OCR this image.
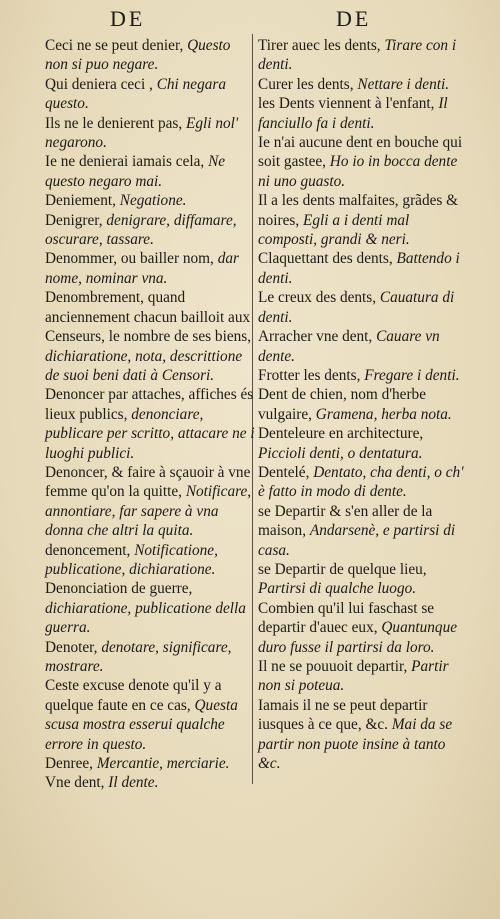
DE	DE

Ceci ne se peut denier, Questo non si puo negare.

Qui deniera ceci , Chi negara questo.

Ils ne le denierent pas, Egli nol' negarono.

Ie ne denierai iamais cela, Ne questo negaro mai.

Deniement, Negatione.

Denigrer, denigrare, diffamare, oscurare, tassare.

Denommer, ou bailler nom, dar nome, nominar vna.

Denombrement, quand anciennement chacun bailloit aux Censeurs, le nombre de ses biens, dichiaratione, nota, descrittione de suoi beni dati à Censori.

Denoncer par attaches, affiches és lieux publics, denonciare, publicare per scritto, attacare ne i luoghi publici.

Denoncer, & faire à sçauoir à vne femme qu'on la quitte, Notificare, annontiare, far sapere à vna donna che altri la quita.

denoncement, Notificatione, publicatione, dichiaratione.

Denonciation de guerre, dichiaratione, publicatione della guerra.

Denoter, denotare, significare, mostrare.

Ceste excuse denote qu'il y a quelque faute en ce cas, Questa scusa mostra esserui qualche errore in questo.

Denree, Mercantie, merciarie.

Vne dent, Il dente.

Tirer auec les dents, Tirare con i denti.

Curer les dents, Nettare i denti.

les Dents viennent à l'enfant, Il fanciullo fa i denti.

Ie n'ai aucune dent en bouche qui soit gastee, Ho io in bocca dente ni uno guasto.

Il a les dents malfaites, grãdes & noires, Egli a i denti mal composti, grandi & neri.

Claquettant des dents, Battendo i denti.

Le creux des dents, Cauatura di denti.

Arracher vne dent, Cauare vn dente.

Frotter les dents, Fregare i denti.

Dent de chien, nom d'herbe vulgaire, Gramena, herba nota.

Denteleure en architecture, Piccioli denti, o dentatura.

Dentelé, Dentato, cha denti, o ch' è fatto in modo di dente.

se Departir & s'en aller de la maison, Andarsenè, e partirsi di casa.

se Departir de quelque lieu, Partirsi di qualche luogo.

Combien qu'il lui faschast se departir d'auec eux, Quantunque duro fusse il partirsi da loro.

Il ne se pouuoit departir, Partir non si poteua.

Iamais il ne se peut departir iusques à ce que, &c. Mai da se partir non puote insine à tanto &c.
